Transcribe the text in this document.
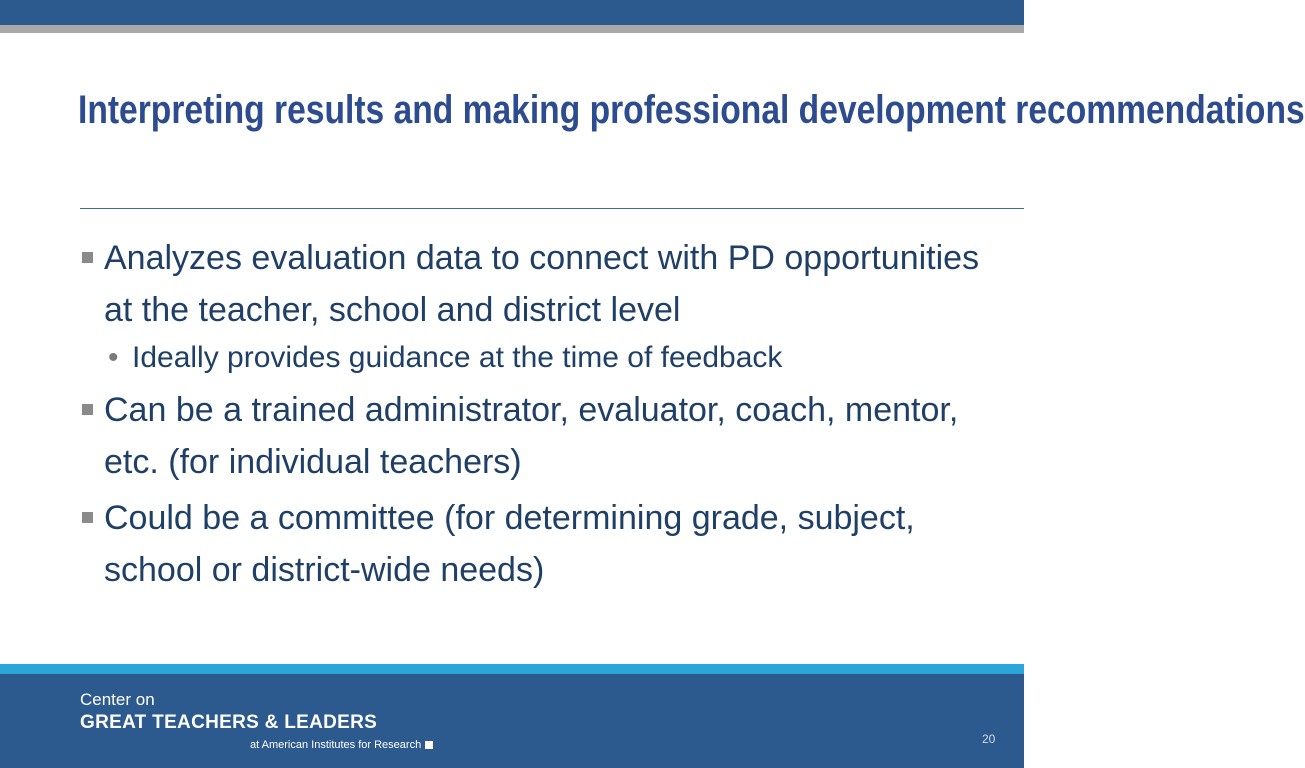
Interpreting results and making professional development recommendations
Analyzes evaluation data to connect with PD opportunities at the teacher, school and district level
• Ideally provides guidance at the time of feedback
Can be a trained administrator, evaluator, coach, mentor, etc. (for individual teachers)
Could be a committee (for determining grade, subject, school or district-wide needs)
Center on
GREAT TEACHERS & LEADERS
at American Institutes for Research	20
